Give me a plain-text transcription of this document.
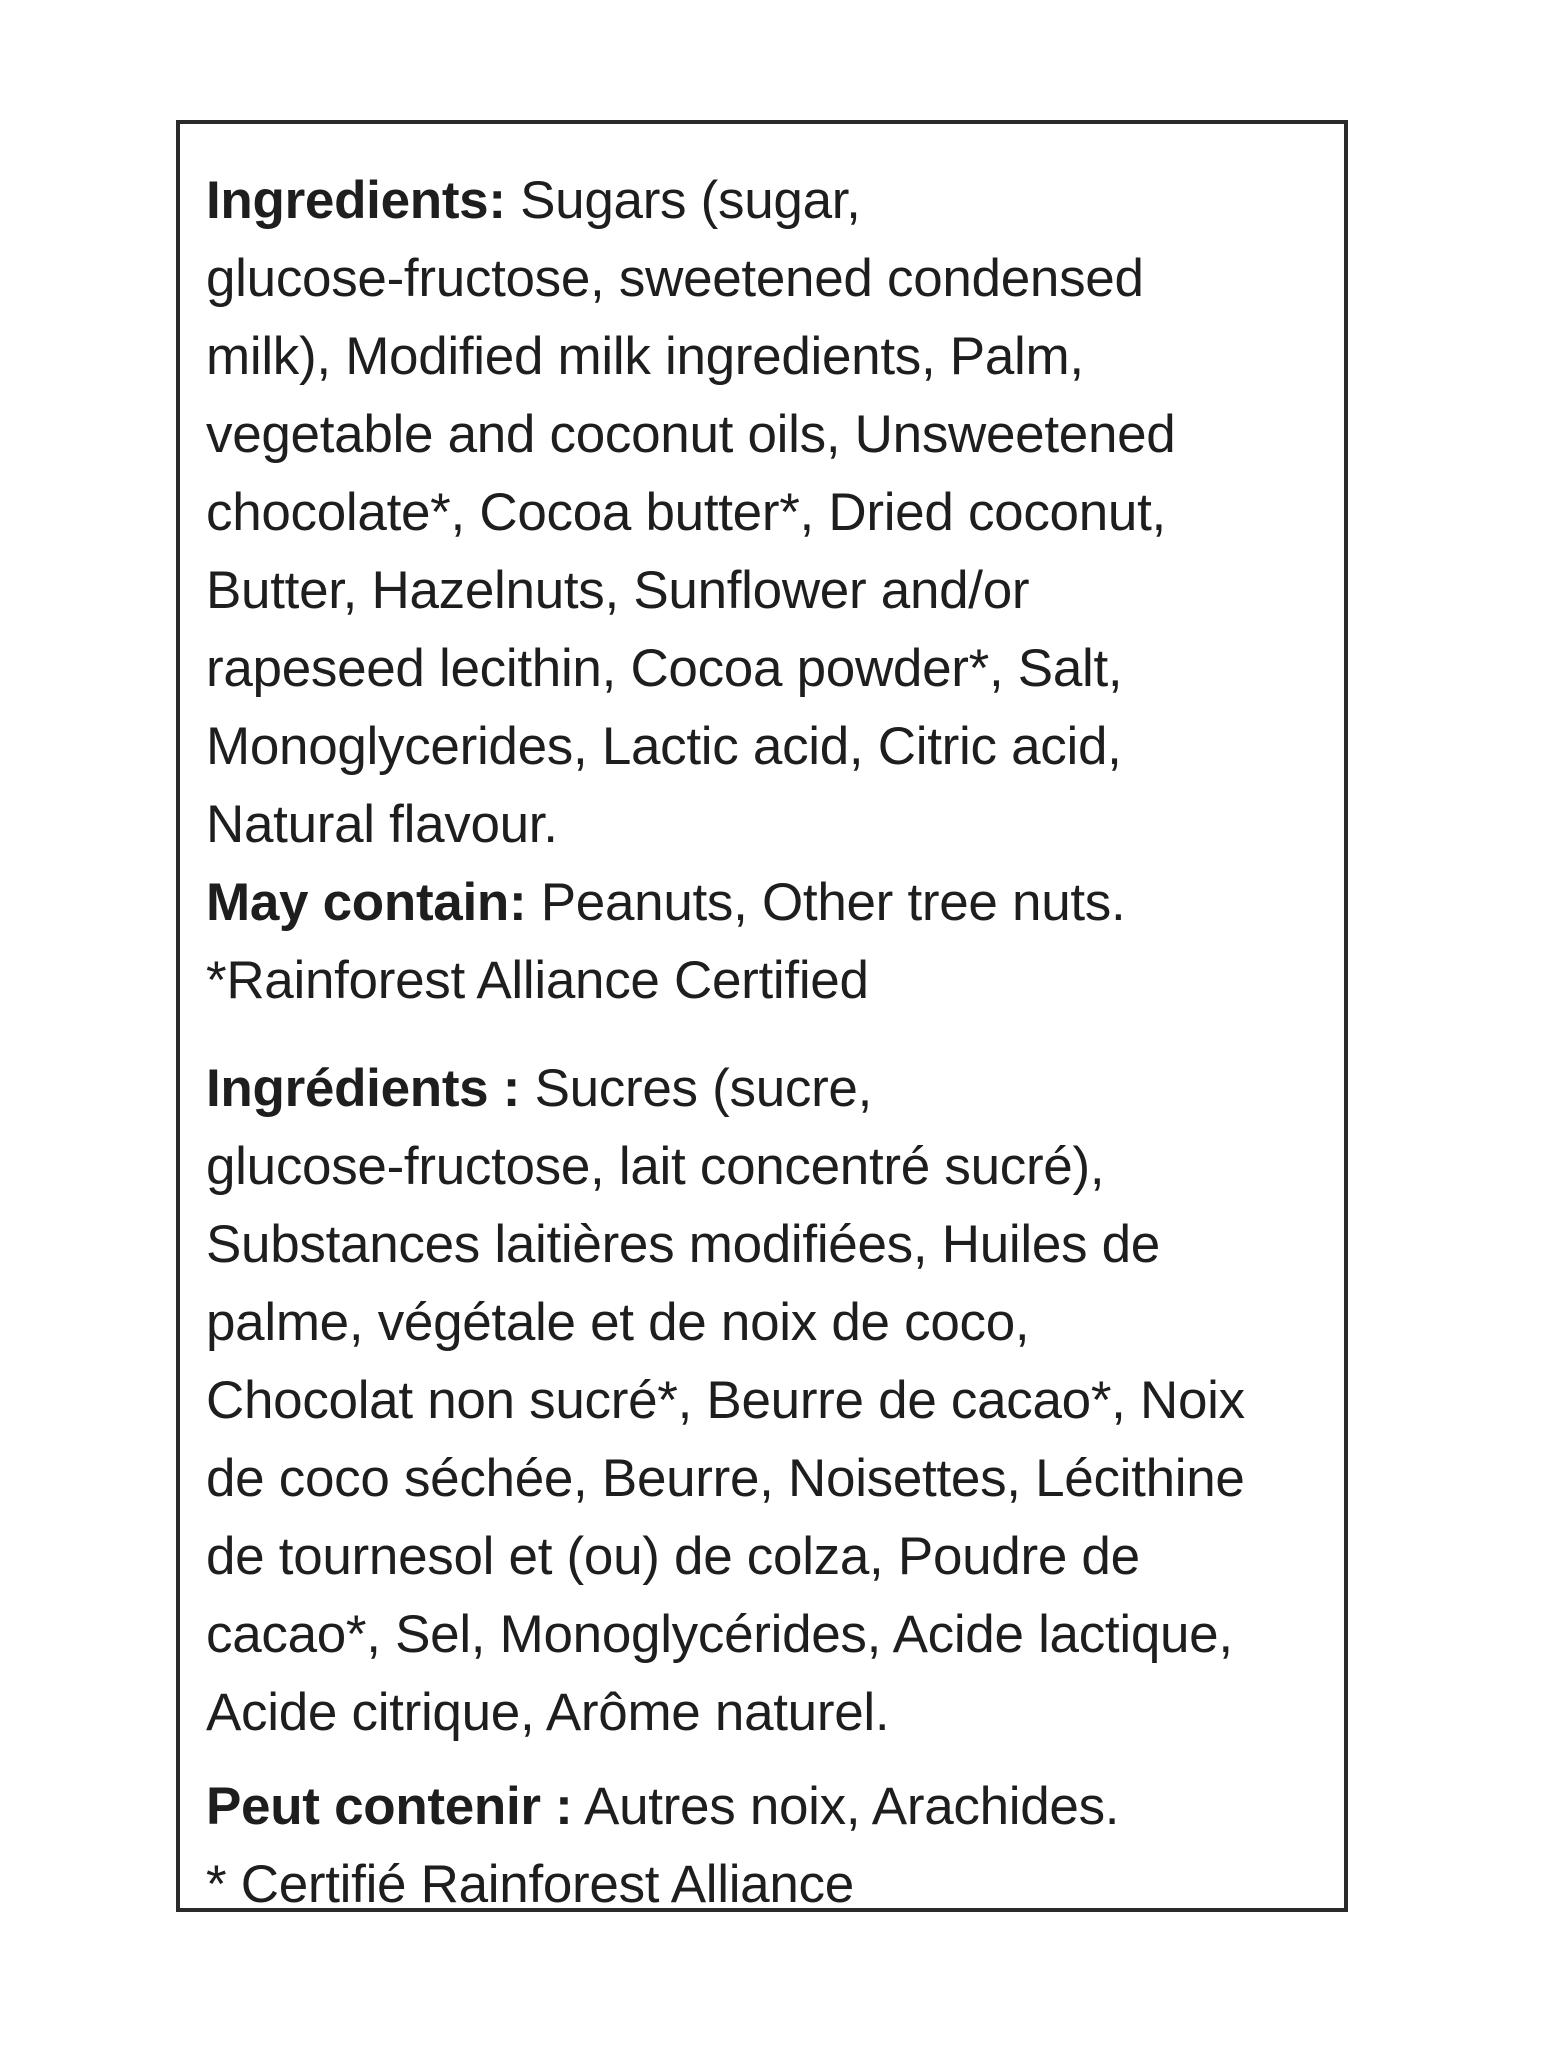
Ingredients: Sugars (sugar,
glucose-fructose, sweetened condensed
milk), Modified milk ingredients, Palm,
vegetable and coconut oils, Unsweetened
chocolate*, Cocoa butter*, Dried coconut,
Butter, Hazelnuts, Sunflower and/or
rapeseed lecithin, Cocoa powder*, Salt,
Monoglycerides, Lactic acid, Citric acid,
Natural flavour.
May contain: Peanuts, Other tree nuts.
*Rainforest Alliance Certified
Ingrédients : Sucres (sucre,
glucose-fructose, lait concentré sucré),
Substances laitières modifiées, Huiles de
palme, végétale et de noix de coco,
Chocolat non sucré*, Beurre de cacao*, Noix
de coco séchée, Beurre, Noisettes, Lécithine
de tournesol et (ou) de colza, Poudre de
cacao*, Sel, Monoglycérides, Acide lactique,
Acide citrique, Arôme naturel.
Peut contenir : Autres noix, Arachides.
* Certifié Rainforest Alliance
